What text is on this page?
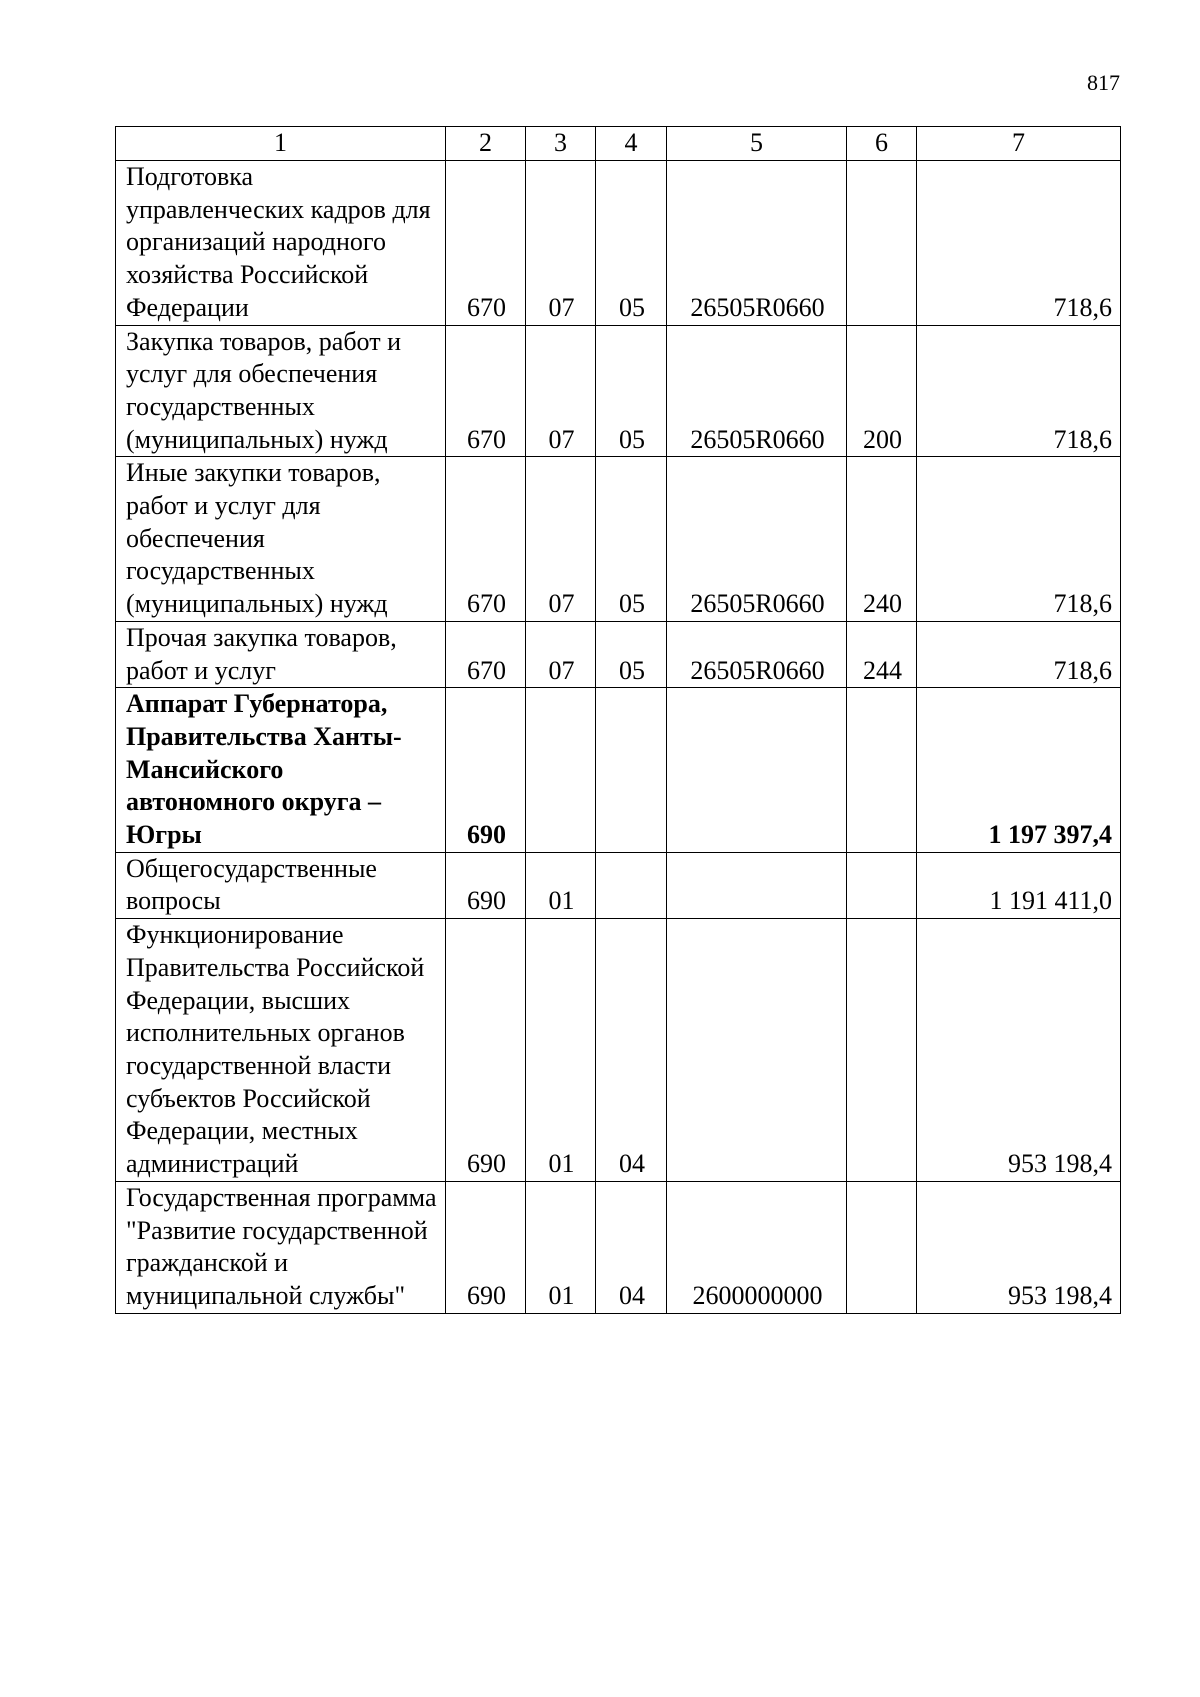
817
1	2	3	4	5	6	7
Подготовка управленческих кадров для организаций народного хозяйства Российской Федерации	670	07	05	26505R0660		718,6
Закупка товаров, работ и услуг для обеспечения государственных (муниципальных) нужд	670	07	05	26505R0660	200	718,6
Иные закупки товаров, работ и услуг для обеспечения государственных (муниципальных) нужд	670	07	05	26505R0660	240	718,6
Прочая закупка товаров, работ и услуг	670	07	05	26505R0660	244	718,6
Аппарат Губернатора, Правительства Ханты-Мансийского автономного округа – Югры	690					1 197 397,4
Общегосударственные вопросы	690	01				1 191 411,0
Функционирование Правительства Российской Федерации, высших исполнительных органов государственной власти субъектов Российской Федерации, местных администраций	690	01	04			953 198,4
Государственная программа "Развитие государственной гражданской и муниципальной службы"	690	01	04	2600000000		953 198,4
